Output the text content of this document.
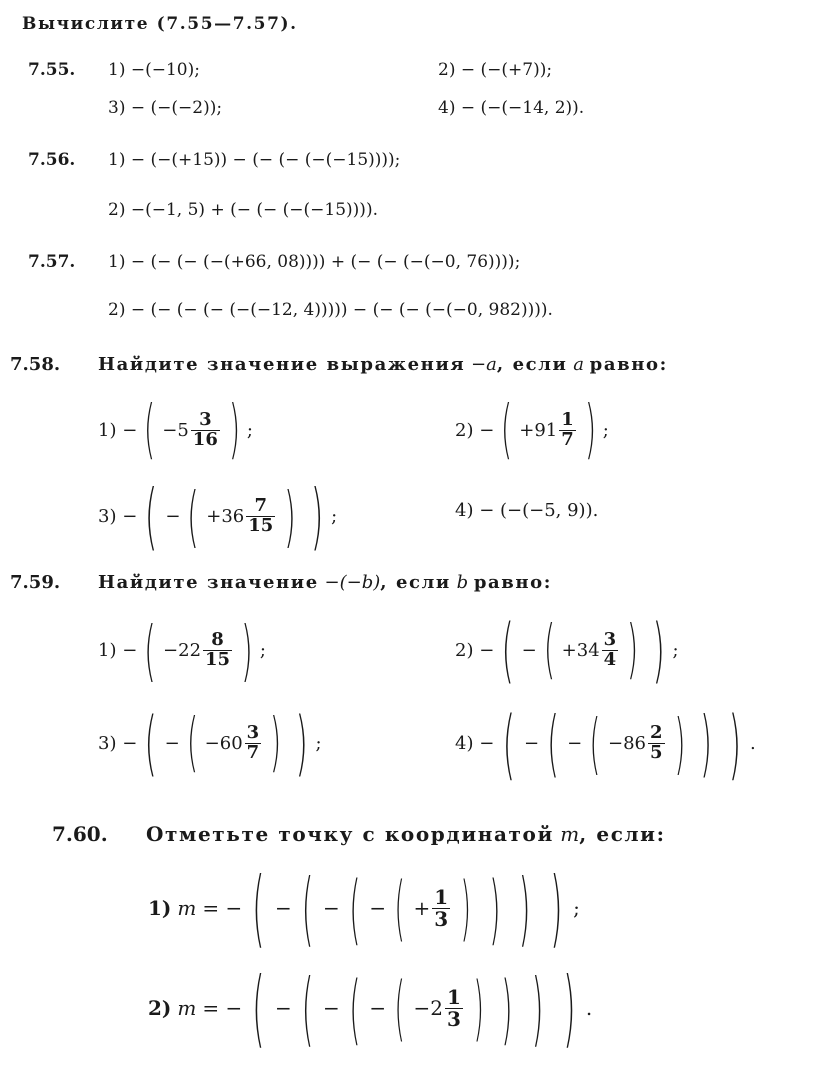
Вычислите (7.55—7.57).
7.55.	1) −(−10);	2) − (−(+7));
3) − (−(−2));	4) − (−(−14, 2)).
7.56.	1) − (−(+15)) − (− (− (−(−15))));
2) −(−1, 5) + (− (− (−(−15)))).
7.57.	1) − (− (− (−(+66, 08)))) + (− (− (−(−0, 76))));
2) − (− (− (− (−(−12, 4))))) − (− (− (−(−0, 982)))).
7.58.	Найдите значение выражения
−a , если
a
равно:
1) − ( − $5 \frac{3}{16}$ ) ;	2) − ( + $91 \frac{1}{7}$ ) ;
3) − ( − ( + $36 \frac{7}{15}$ ) ) ;	4) − (−(−5, 9)).
7.59.	Найдите значение
−(−b) , если
b
равно:
1) − ( − $22 \frac{8}{15}$ ) ;	2) − ( − ( + $34 \frac{3}{4}$ ) ) ;
3) − ( − ( − $60 \frac{3}{7}$ ) ) ;	4) − ( − ( − ( − $86 \frac{2}{5}$ ) ) ) .
7.60.	Отметьте точку с координатой
m , если:
1) m = − ( − ( − ( − ( + $\frac{1}{3}$ ) ) ) ) ;
2) m = − ( − ( − ( − ( − $2 \frac{1}{3}$ ) ) ) ) .
